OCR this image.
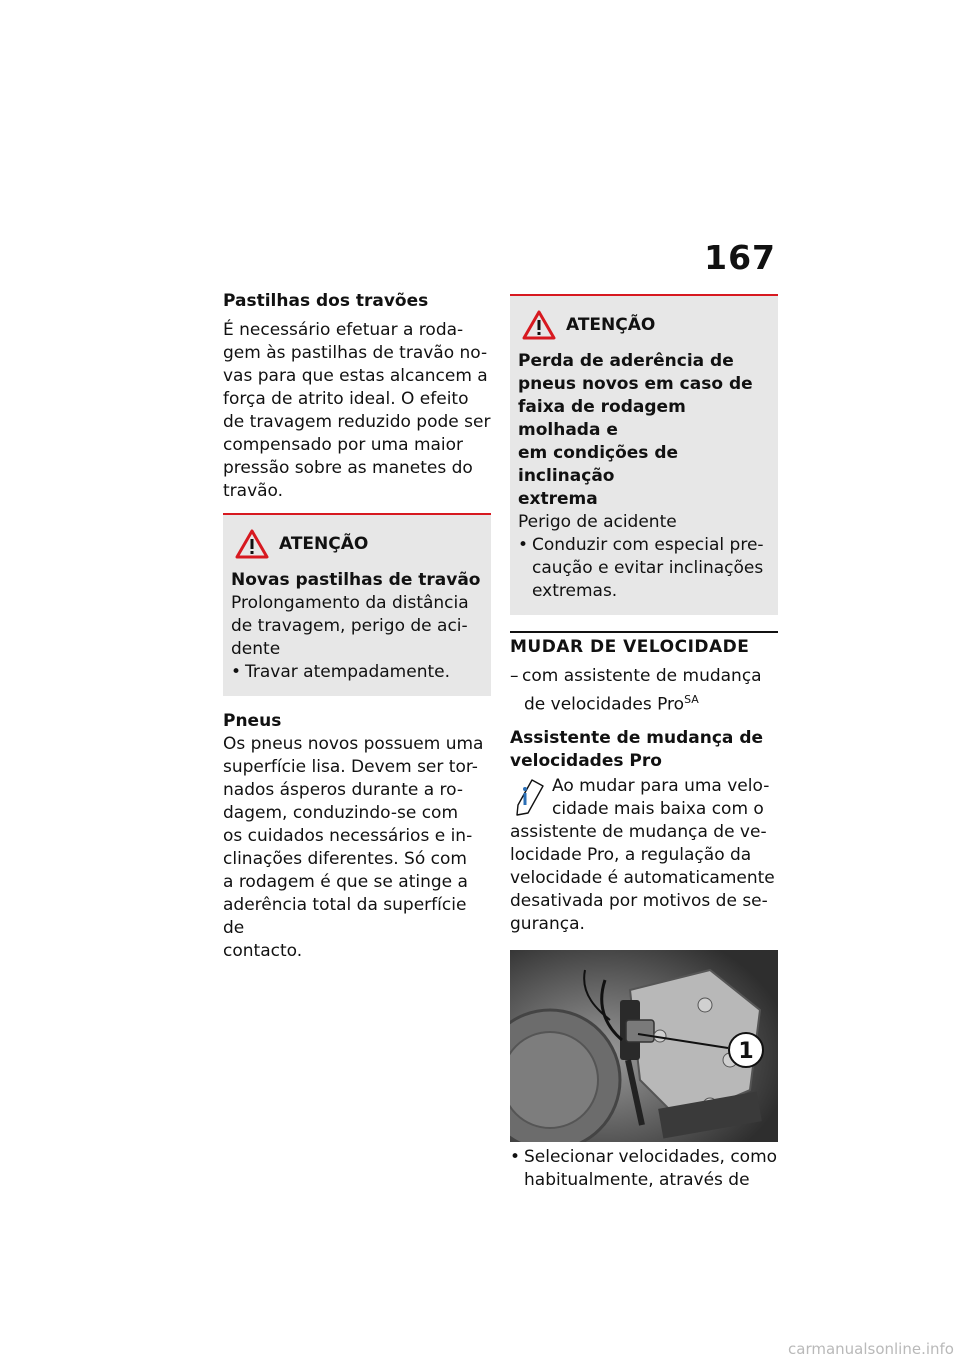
167

Pastilhas dos travões

É necessário efetuar a roda-

gem às pastilhas de travão no-

vas para que estas alcancem a

força de atrito ideal. O efeito

de travagem reduzido pode ser

compensado por uma maior

pressão sobre as manetes do

travão.

ATENÇÃO

Novas pastilhas de travão

Prolongamento da distância

de travagem, perigo de aci-

dente

• Travar atempadamente.

Pneus

Os pneus novos possuem uma

superfície lisa. Devem ser tor-

nados ásperos durante a ro-

dagem, conduzindo-se com

os cuidados necessários e in-

clinações diferentes. Só com

a rodagem é que se atinge a

aderência total da superfície de

contacto.

ATENÇÃO

Perda de aderência de

pneus novos em caso de

faixa de rodagem molhada e

em condições de inclinação

extrema

Perigo de acidente

• Conduzir com especial pre-

caução e evitar inclinações

extremas.

MUDAR DE VELOCIDADE
– com assistente de mudança

de velocidades Pro$^{SA}$

Assistente de mudança de

velocidades Pro

Ao mudar para uma velo-

cidade mais baixa com o

assistente de mudança de ve-

locidade Pro, a regulação da

velocidade é automaticamente

desativada por motivos de se-

gurança.

1
• Selecionar velocidades, como

habitualmente, através de

carmanualsonline.info
